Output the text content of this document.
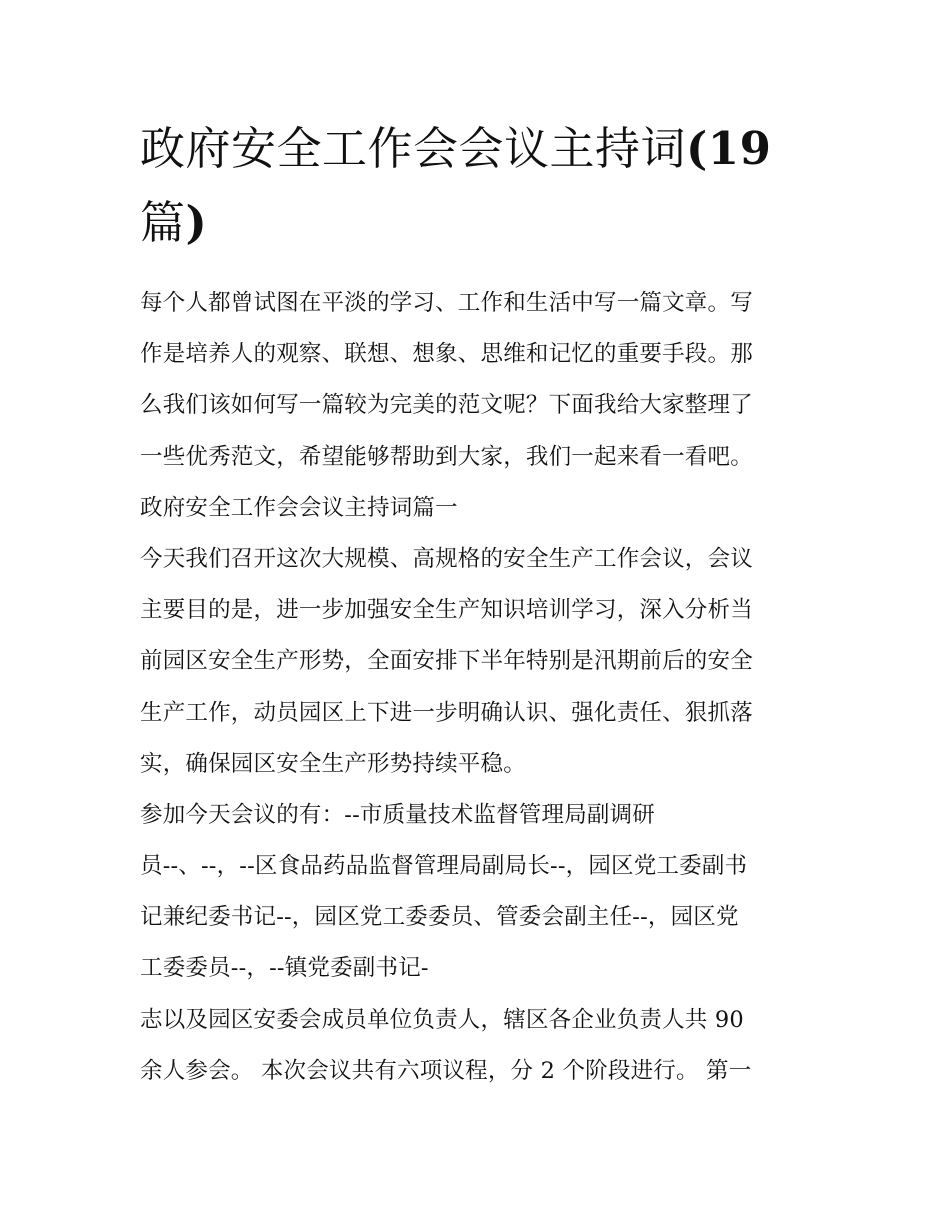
政府安全工作会会议主持词(19
篇)
每个人都曾试图在平淡的学习、工作和生活中写一篇文章。写
作是培养人的观察、联想、想象、思维和记忆的重要手段。那
么我们该如何写一篇较为完美的范文呢？下面我给大家整理了
一些优秀范文，希望能够帮助到大家，我们一起来看一看吧。
政府安全工作会会议主持词篇一
今天我们召开这次大规模、高规格的安全生产工作会议，会议
主要目的是，进一步加强安全生产知识培训学习，深入分析当
前园区安全生产形势，全面安排下半年特别是汛期前后的安全
生产工作，动员园区上下进一步明确认识、强化责任、狠抓落
实，确保园区安全生产形势持续平稳。
参加今天会议的有：--市质量技术监督管理局副调研
员--、--，--区食品药品监督管理局副局长--，园区党工委副书
记兼纪委书记--，园区党工委委员、管委会副主任--，园区党
工委委员--，--镇党委副书记-
志以及园区安委会成员单位负责人，辖区各企业负责人共 90
余人参会。 本次会议共有六项议程，分 2 个阶段进行。 第一
